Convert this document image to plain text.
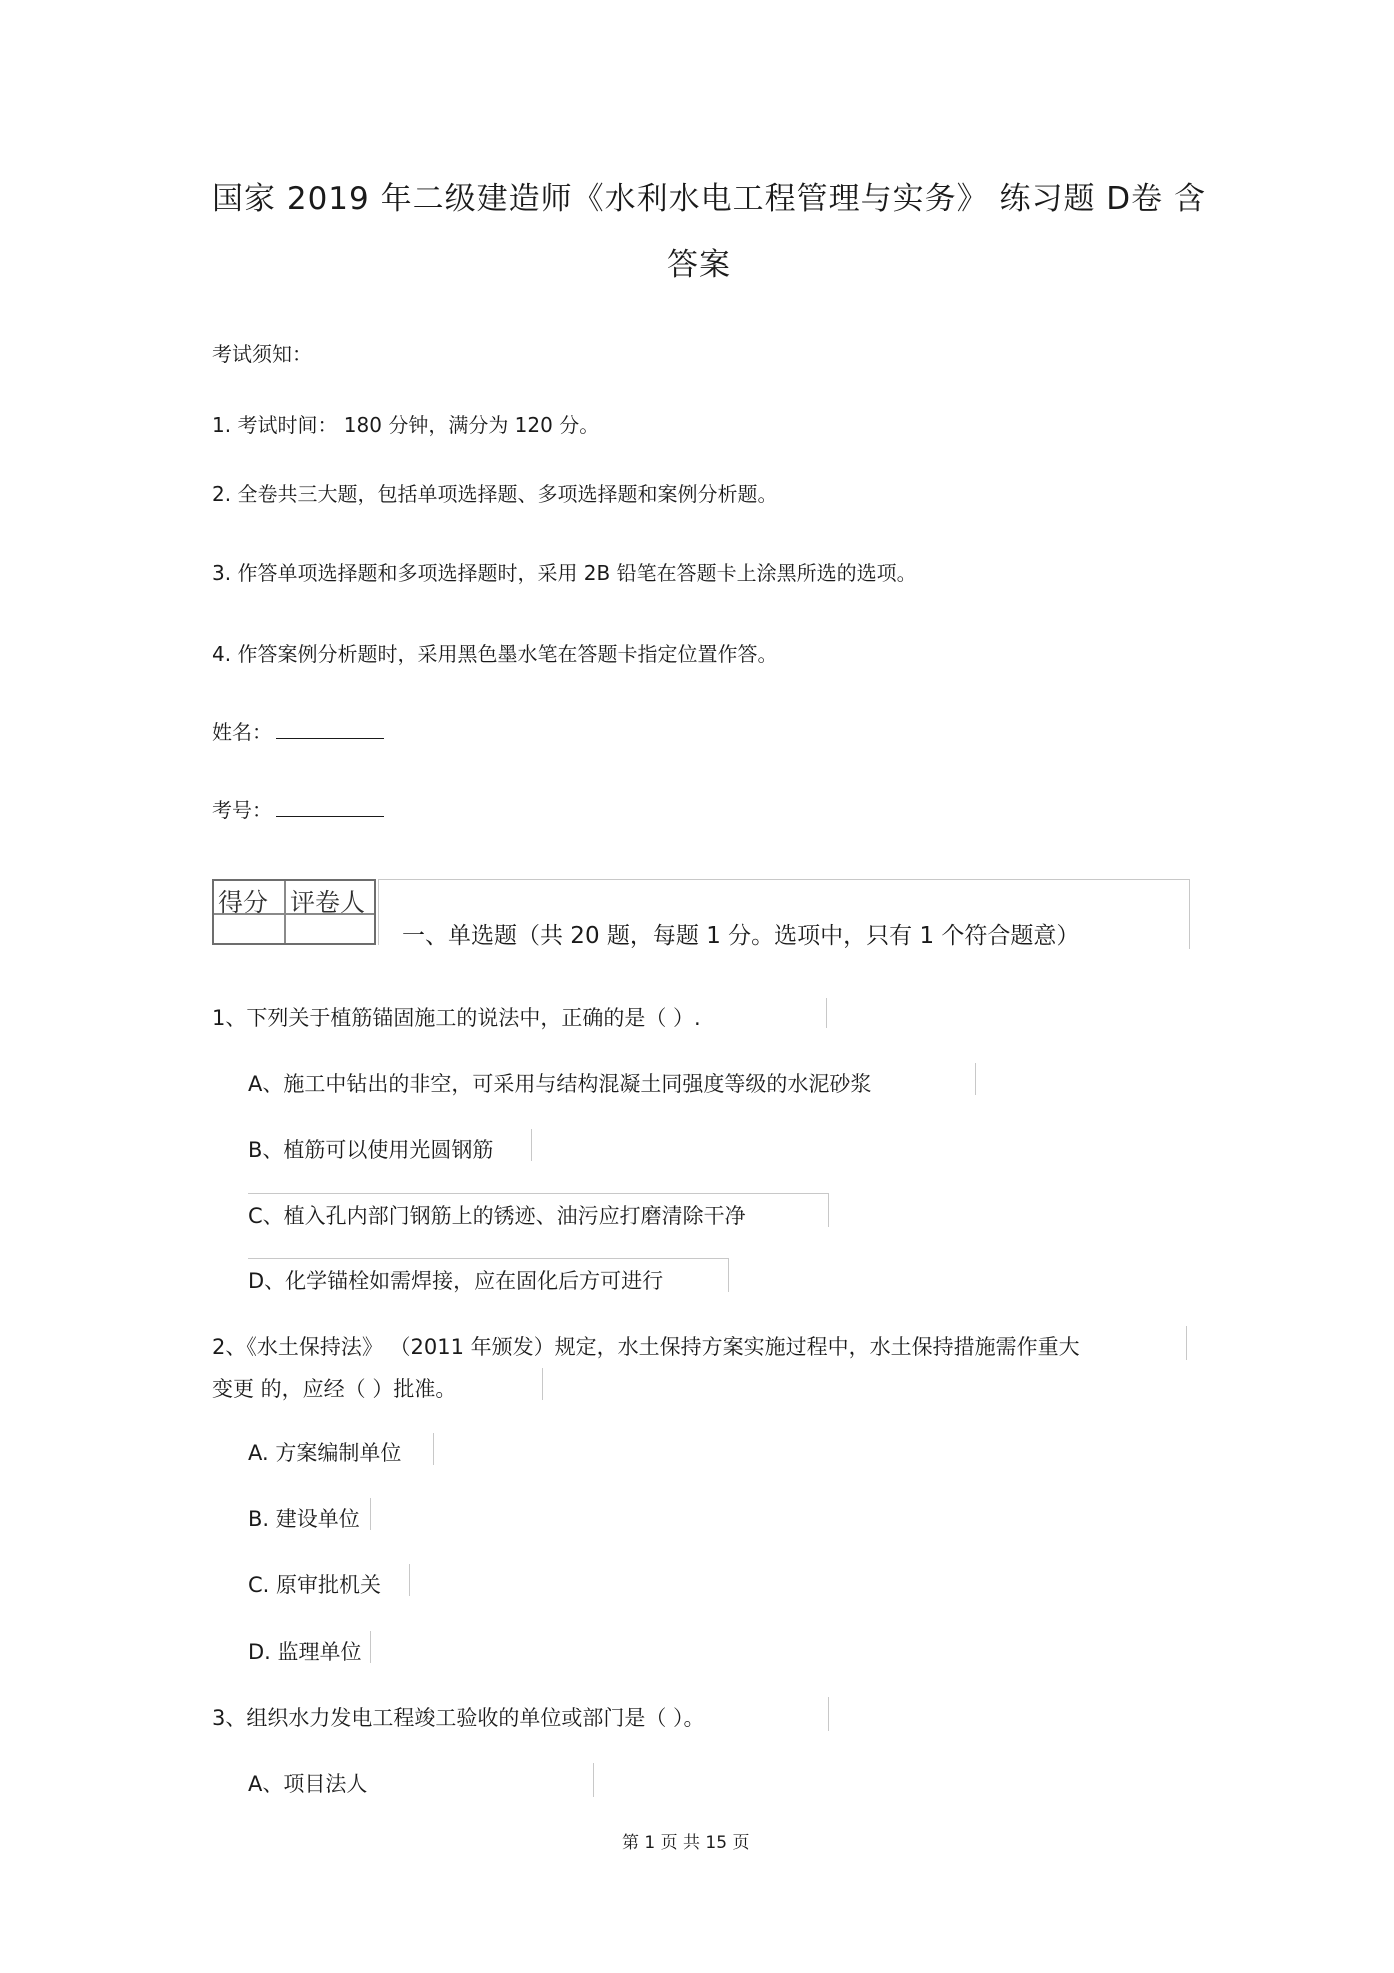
国家 2019 年二级建造师《水利水电工程管理与实务》 练习题 D卷 含
答案
考试须知：
1. 考试时间： 180 分钟，满分为 120 分。
2. 全卷共三大题，包括单项选择题、多项选择题和案例分析题。
3. 作答单项选择题和多项选择题时，采用 2B 铅笔在答题卡上涂黑所选的选项。
4. 作答案例分析题时，采用黑色墨水笔在答题卡指定位置作答。
姓名：
考号：
得分 评卷人
一、单选题（共 20 题，每题 1 分。选项中，只有 1 个符合题意）
1、下列关于植筋锚固施工的说法中，正确的是（ ）.
A、施工中钻出的非空，可采用与结构混凝土同强度等级的水泥砂浆
B、植筋可以使用光圆钢筋
C、植入孔内部门钢筋上的锈迹、油污应打磨清除干净
D、化学锚栓如需焊接，应在固化后方可进行
2、《水土保持法》 （2011 年颁发）规定，水土保持方案实施过程中，水土保持措施需作重大
变更 的，应经（ ）批准。
A. 方案编制单位
B. 建设单位
C. 原审批机关
D. 监理单位
3、组织水力发电工程竣工验收的单位或部门是（ ）。
A、项目法人
第 1 页 共 15 页
